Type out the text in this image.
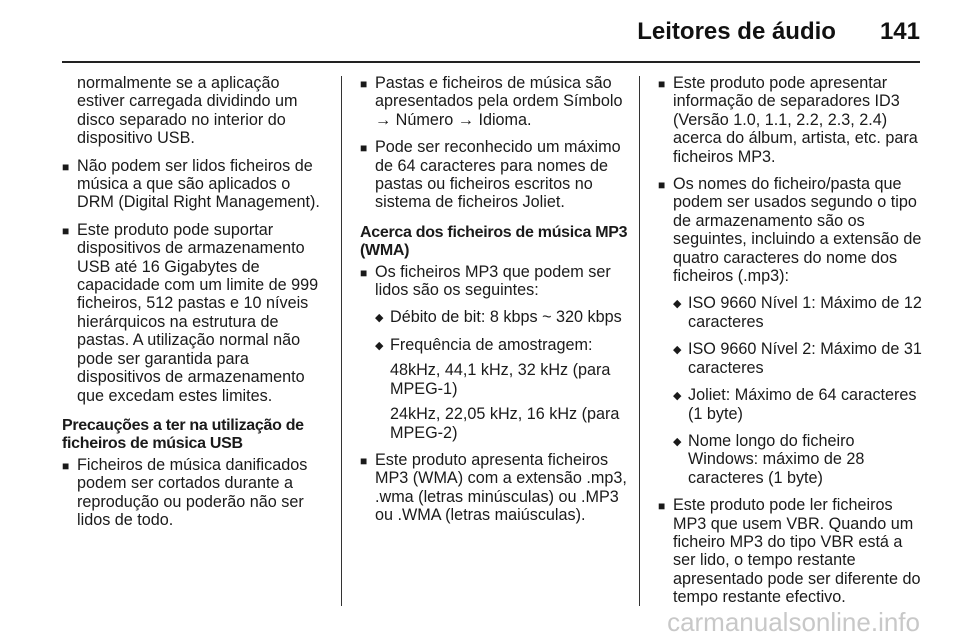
Leitores de áudio 141

normalmente se a aplicação estiver carregada dividindo um disco separado no interior do dispositivo USB.

■ Não podem ser lidos ficheiros de música a que são aplicados o DRM (Digital Right Management).
■ Este produto pode suportar dispositivos de armazenamento USB até 16 Gigabytes de capacidade com um limite de 999 ficheiros, 512 pastas e 10 níveis hierárquicos na estrutura de pastas. A utilização normal não pode ser garantida para dispositivos de armazenamento que excedam estes limites.
Precauções a ter na utilização de ficheiros de música USB
■ Ficheiros de música danificados podem ser cortados durante a reprodução ou poderão não ser lidos de todo.
■ Pastas e ficheiros de música são apresentados pela ordem Símbolo → Número → Idioma.
■ Pode ser reconhecido um máximo de 64 caracteres para nomes de pastas ou ficheiros escritos no sistema de ficheiros Joliet.
Acerca dos ficheiros de música MP3 (WMA)
■ Os ficheiros MP3 que podem ser lidos são os seguintes:
◆ Débito de bit: 8 kbps ~ 320 kbps
◆ Frequência de amostragem:

48kHz, 44,1 kHz, 32 kHz (para MPEG-1)

24kHz, 22,05 kHz, 16 kHz (para MPEG-2)

■ Este produto apresenta ficheiros MP3 (WMA) com a extensão .mp3, .wma (letras minúsculas) ou .MP3 ou .WMA (letras maiúsculas).
■ Este produto pode apresentar informação de separadores ID3 (Versão 1.0, 1.1, 2.2, 2.3, 2.4) acerca do álbum, artista, etc. para ficheiros MP3.
■ Os nomes do ficheiro/pasta que podem ser usados segundo o tipo de armazenamento são os seguintes, incluindo a extensão de quatro caracteres do nome dos ficheiros (.mp3):
◆ ISO 9660 Nível 1: Máximo de 12 caracteres
◆ ISO 9660 Nível 2: Máximo de 31 caracteres
◆ Joliet: Máximo de 64 caracteres (1 byte)
◆ Nome longo do ficheiro Windows: máximo de 28 caracteres (1 byte)
■ Este produto pode ler ficheiros MP3 que usem VBR. Quando um ficheiro MP3 do tipo VBR está a ser lido, o tempo restante apresentado pode ser diferente do tempo restante efectivo.
carmanualsonline.info
